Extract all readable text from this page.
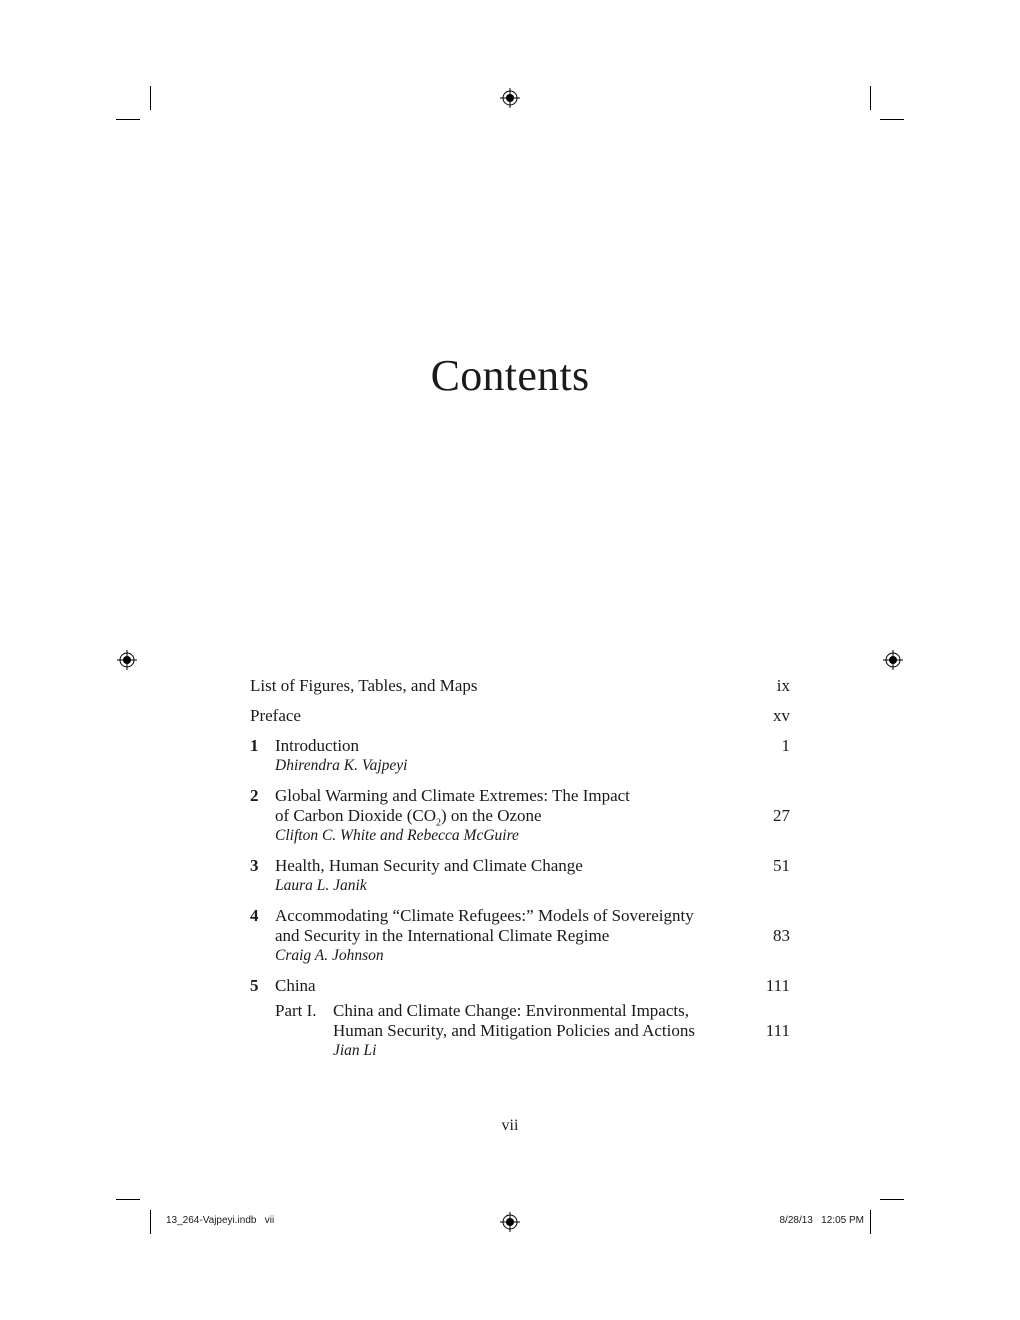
Contents
List of Figures, Tables, and Maps	ix
Preface	xv
1 Introduction	1
Dhirendra K. Vajpeyi
2 Global Warming and Climate Extremes: The Impact
of Carbon Dioxide $(CO_2)$ on the Ozone	27
Clifton C. White and Rebecca McGuire
3 Health, Human Security and Climate Change	51
Laura L. Janik
4 Accommodating “Climate Refugees:” Models of Sovereignty
and Security in the International Climate Regime	83
Craig A. Johnson
5 China	111
Part I. China and Climate Change: Environmental Impacts,
Human Security, and Mitigation Policies and Actions	111
Jian Li
vii
13_264-Vajpeyi.indb   vii	8/28/13   12:05 PM
